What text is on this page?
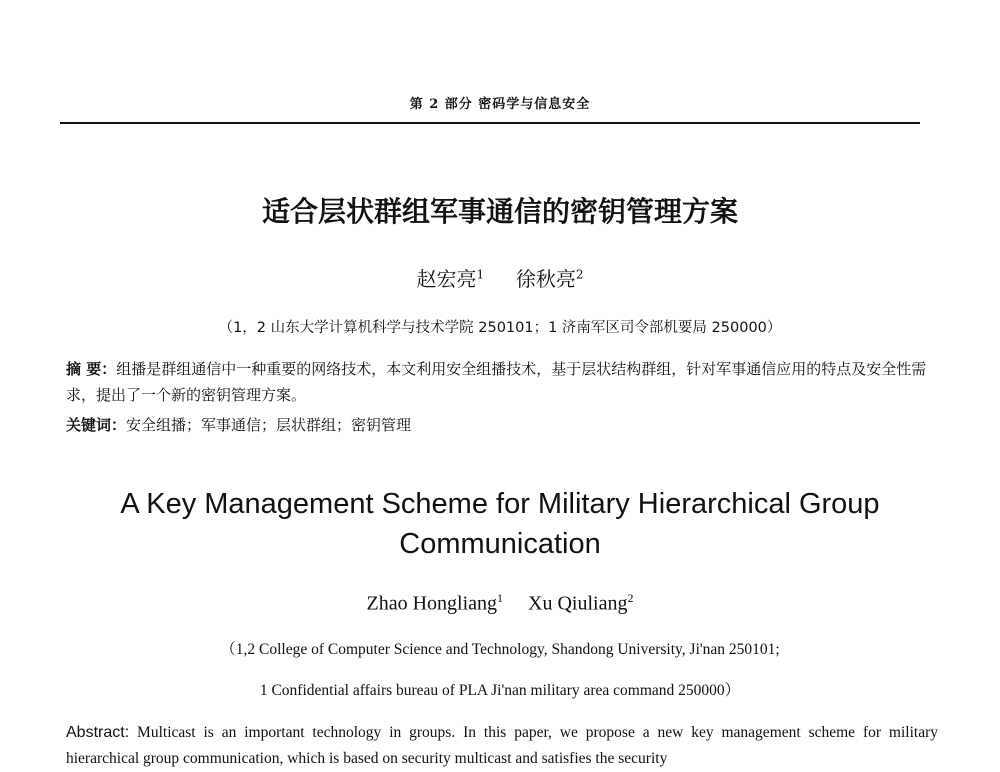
第 2 部分 密码学与信息安全
适合层状群组军事通信的密钥管理方案
赵宏亮$^1$ 徐秋亮$^2$
（1，2 山东大学计算机科学与技术学院 250101；1 济南军区司令部机要局 250000）
摘 要：组播是群组通信中一种重要的网络技术，本文利用安全组播技术，基于层状结构群组，针对军事通信应用的特点及安全性需求，提出了一个新的密钥管理方案。
关键词：安全组播；军事通信；层状群组；密钥管理
A Key Management Scheme for Military Hierarchical Group
Communication
Zhao Hongliang$^1$ Xu Qiuliang$^2$
（1,2 College of Computer Science and Technology, Shandong University, Ji'nan 250101;
1 Confidential affairs bureau of PLA Ji'nan military area command 250000）
Abstract: Multicast is an important technology in groups. In this paper, we propose a new key management scheme for military hierarchical group communication, which is based on security multicast and satisfies the security
